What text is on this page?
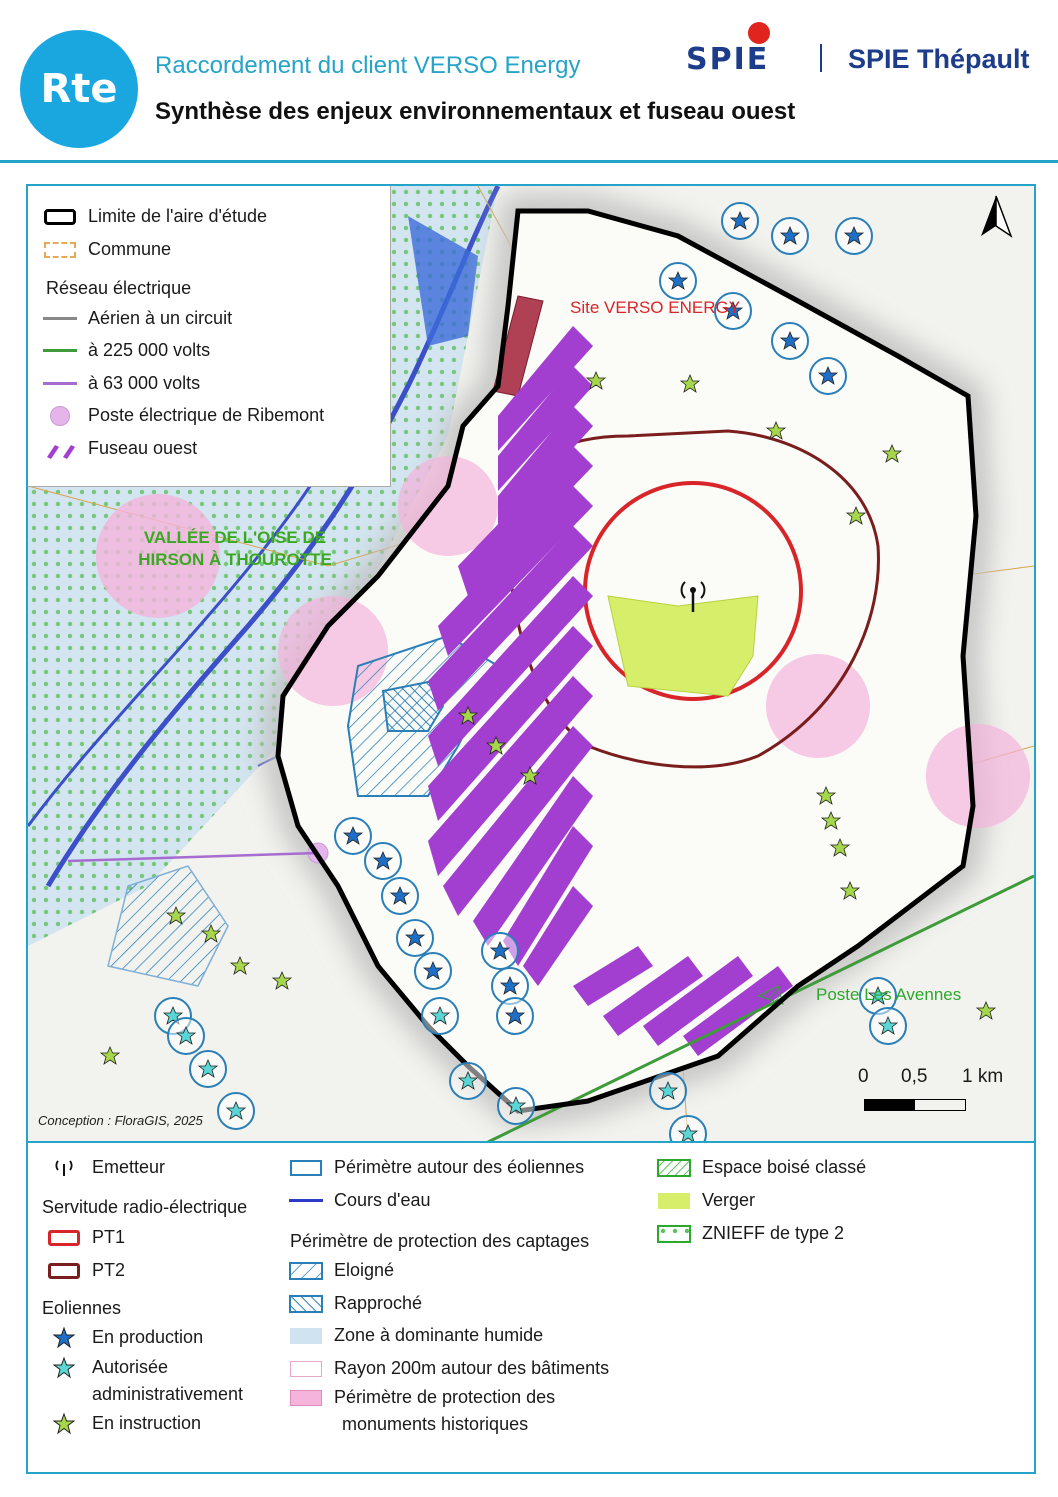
Rte
Raccordement du client VERSO Energy
Synthèse des enjeux environnementaux et fuseau ouest
SPIE	SPIE Thépault
Site VERSO ENERGY
Poste Les Avennes
VALLÉE DE L'OISE DE HIRSON À THOUROTTE
Conception : FloraGIS, 2025
0 0,5 1 km
Limite de l'aire d'étude
Commune
Réseau électrique
Aérien à un circuit
à 225 000 volts
à 63 000 volts
Poste électrique de Ribemont
Fuseau ouest
Emetteur
Servitude radio-électrique
PT1
PT2
Eoliennes
En production
Autorisée
administrativement
En instruction
Périmètre autour des éoliennes
Cours d'eau
Périmètre de protection des captages
Eloigné
Rapproché
Zone à dominante humide
Rayon 200m autour des bâtiments
Périmètre de protection des
monuments historiques
Espace boisé classé
Verger
ZNIEFF de type 2
